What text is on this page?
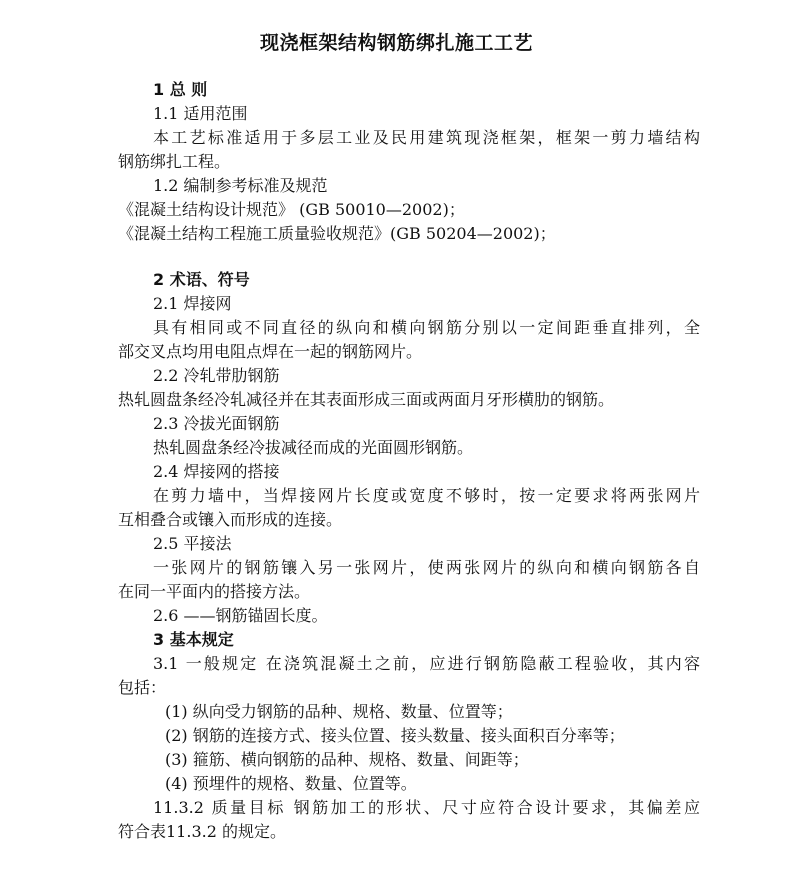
现浇框架结构钢筋绑扎施工工艺
1 总 则
1.1 适用范围
本工艺标准适用于多层工业及民用建筑现浇框架，框架一剪力墙结构
钢筋绑扎工程。
1.2 编制参考标准及规范
《混凝土结构设计规范》 (GB 50010—2002)；
《混凝土结构工程施工质量验收规范》(GB 50204—2002)；
2 术语、符号
2.1 焊接网
具有相同或不同直径的纵向和横向钢筋分别以一定间距垂直排列，全
部交叉点均用电阻点焊在一起的钢筋网片。
2.2 冷轧带肋钢筋
热轧圆盘条经冷轧减径并在其表面形成三面或两面月牙形横肋的钢筋。
2.3 冷拔光面钢筋
热轧圆盘条经冷拔减径而成的光面圆形钢筋。
2.4 焊接网的搭接
在剪力墙中，当焊接网片长度或宽度不够时，按一定要求将两张网片
互相叠合或镶入而形成的连接。
2.5 平接法
一张网片的钢筋镶入另一张网片，使两张网片的纵向和横向钢筋各自
在同一平面内的搭接方法。
2.6 ——钢筋锚固长度。
3 基本规定
3.1 一般规定 在浇筑混凝土之前，应进行钢筋隐蔽工程验收，其内容
包括：
(1) 纵向受力钢筋的品种、规格、数量、位置等；
(2) 钢筋的连接方式、接头位置、接头数量、接头面积百分率等；
(3) 箍筋、横向钢筋的品种、规格、数量、间距等；
(4) 预埋件的规格、数量、位置等。
11.3.2 质量目标 钢筋加工的形状、尺寸应符合设计要求，其偏差应
符合表11.3.2 的规定。
